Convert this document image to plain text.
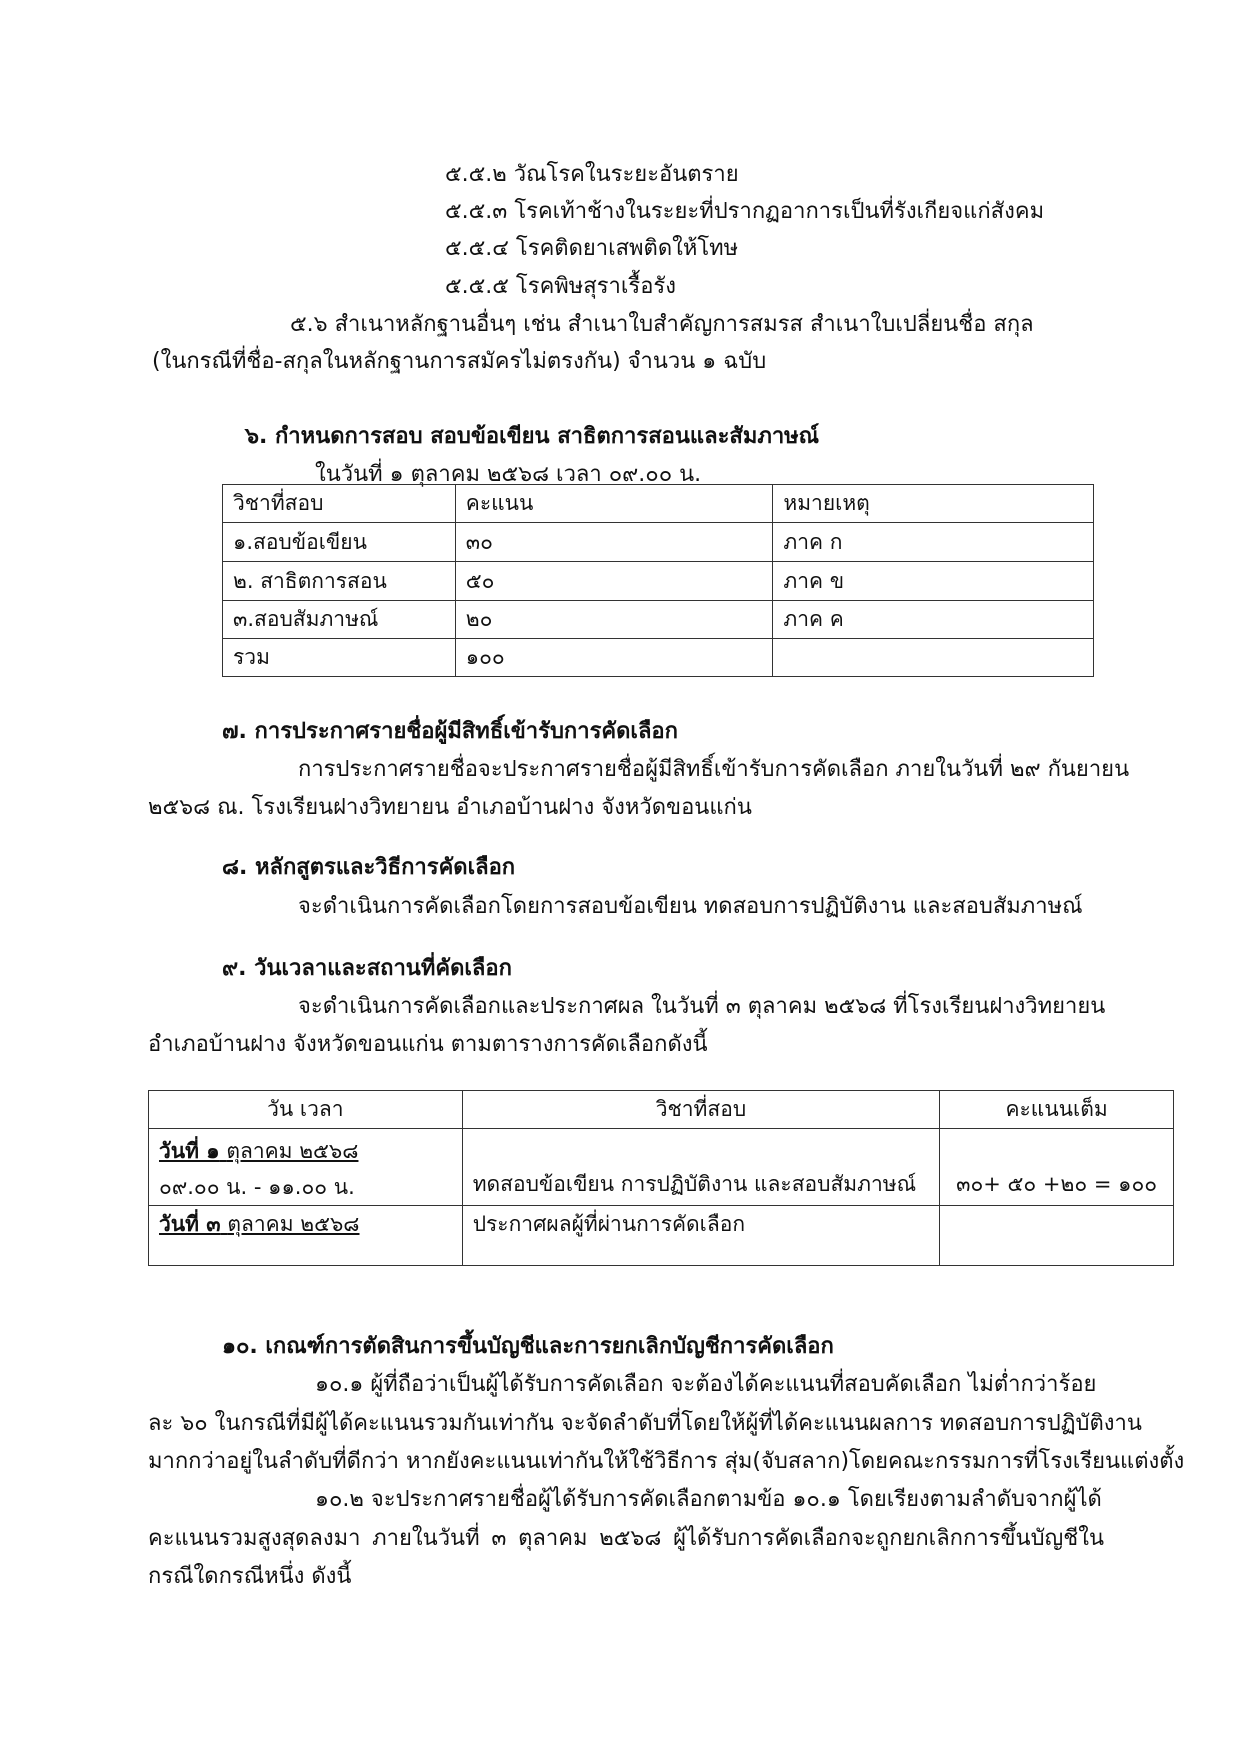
๕.๕.๒ วัณโรคในระยะอันตราย
๕.๕.๓ โรคเท้าช้างในระยะที่ปรากฏอาการเป็นที่รังเกียจแก่สังคม
๕.๕.๔ โรคติดยาเสพติดให้โทษ
๕.๕.๕ โรคพิษสุราเรื้อรัง
๕.๖ สำเนาหลักฐานอื่นๆ เช่น สำเนาใบสำคัญการสมรส สำเนาใบเปลี่ยนชื่อ สกุล
(ในกรณีที่ชื่อ-สกุลในหลักฐานการสมัครไม่ตรงกัน) จำนวน ๑ ฉบับ
๖. กำหนดการสอบ สอบข้อเขียน สาธิตการสอนและสัมภาษณ์
ในวันที่ ๑ ตุลาคม ๒๕๖๘ เวลา ๐๙.๐๐ น.
วิชาที่สอบ	คะแนน	หมายเหตุ
๑.สอบข้อเขียน	๓๐	ภาค ก
๒. สาธิตการสอน	๕๐	ภาค ข
๓.สอบสัมภาษณ์	๒๐	ภาค ค
รวม	๑๐๐	
๗. การประกาศรายชื่อผู้มีสิทธิ์เข้ารับการคัดเลือก
การประกาศรายชื่อจะประกาศรายชื่อผู้มีสิทธิ์เข้ารับการคัดเลือก ภายในวันที่ ๒๙ กันยายน
๒๕๖๘ ณ. โรงเรียนฝางวิทยายน อำเภอบ้านฝาง จังหวัดขอนแก่น
๘. หลักสูตรและวิธีการคัดเลือก
จะดำเนินการคัดเลือกโดยการสอบข้อเขียน ทดสอบการปฏิบัติงาน และสอบสัมภาษณ์
๙. วันเวลาและสถานที่คัดเลือก
จะดำเนินการคัดเลือกและประกาศผล ในวันที่ ๓ ตุลาคม ๒๕๖๘ ที่โรงเรียนฝางวิทยายน
อำเภอบ้านฝาง จังหวัดขอนแก่น ตามตารางการคัดเลือกดังนี้
วัน เวลา	วิชาที่สอบ	คะแนนเต็ม

วันที่ ๑ ตุลาคม ๒๕๖๘
๐๙.๐๐ น. - ๑๑.๐๐ น.	ทดสอบข้อเขียน การปฏิบัติงาน และสอบสัมภาษณ์	๓๐+ ๕๐ +๒๐ = ๑๐๐

วันที่ ๓ ตุลาคม ๒๕๖๘	ประกาศผลผู้ที่ผ่านการคัดเลือก	
๑๐. เกณฑ์การตัดสินการขึ้นบัญชีและการยกเลิกบัญชีการคัดเลือก
๑๐.๑ ผู้ที่ถือว่าเป็นผู้ได้รับการคัดเลือก จะต้องได้คะแนนที่สอบคัดเลือก ไม่ต่ำกว่าร้อย
ละ ๖๐ ในกรณีที่มีผู้ได้คะแนนรวมกันเท่ากัน จะจัดลำดับที่โดยให้ผู้ที่ได้คะแนนผลการ ทดสอบการปฏิบัติงาน
มากกว่าอยู่ในลำดับที่ดีกว่า หากยังคะแนนเท่ากันให้ใช้วิธีการ สุ่ม(จับสลาก)โดยคณะกรรมการที่โรงเรียนแต่งตั้ง
๑๐.๒ จะประกาศรายชื่อผู้ได้รับการคัดเลือกตามข้อ ๑๐.๑ โดยเรียงตามลำดับจากผู้ได้
คะแนนรวมสูงสุดลงมา ภายในวันที่ ๓ ตุลาคม ๒๕๖๘ ผู้ได้รับการคัดเลือกจะถูกยกเลิกการขึ้นบัญชีใน
กรณีใดกรณีหนึ่ง ดังนี้
